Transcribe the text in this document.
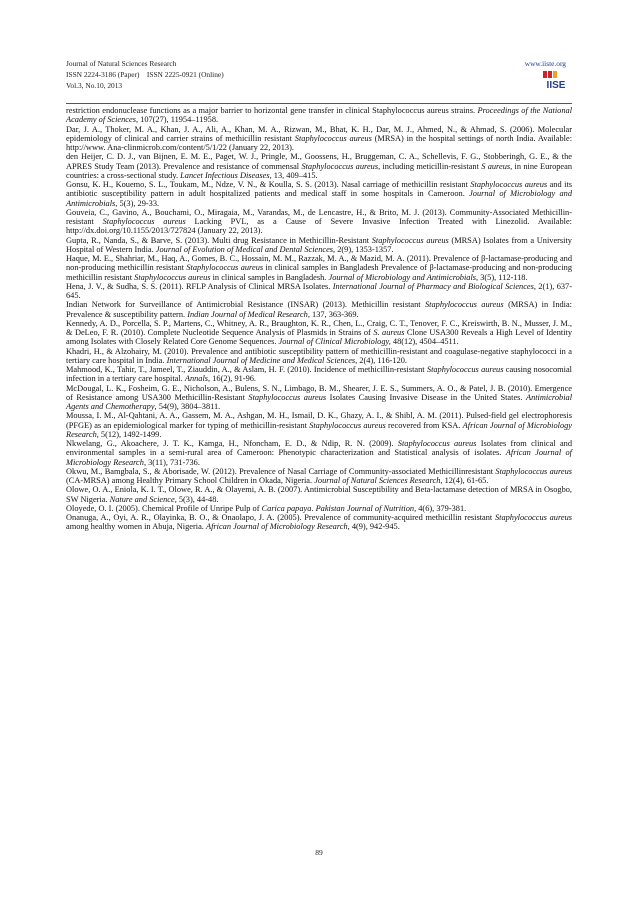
Journal of Natural Sciences Research
ISSN 2224-3186 (Paper)    ISSN 2225-0921 (Online)
Vol.3, No.10, 2013
www.iiste.org
IISE

restriction endonuclease functions as a major barrier to horizontal gene transfer in clinical Staphylococcus aureus strains. Proceedings of the National Academy of Sciences, 107(27), 11954–11958.

Dar, J. A., Thoker, M. A., Khan, J. A., Ali, A., Khan, M. A., Rizwan, M., Bhat, K. H., Dar, M. J., Ahmed, N., & Ahmad, S. (2006). Molecular epidemiology of clinical and carrier strains of methicillin resistant Staphylococcus aureus (MRSA) in the hospital settings of north India. Available: http://www. Ana-clinmicrob.com/content/5/1/22 (January 22, 2013).

den Heijer, C. D. J., van Bijnen, E. M. E., Paget, W. J., Pringle, M., Goossens, H., Bruggeman, C. A., Schellevis, F. G., Stobberingh, G. E., & the APRES Study Team (2013). Prevalence and resistance of commensal Staphylococcus aureus, including meticillin-resistant S aureus, in nine European countries: a cross-sectional study. Lancet Infectious Diseases, 13, 409–415.

Gonsu, K. H., Kouemo, S. L., Toukam, M., Ndze, V. N., & Koulla, S. S. (2013). Nasal carriage of methicillin resistant Staphylococcus aureus and its antibiotic susceptibility pattern in adult hospitalized patients and medical staff in some hospitals in Cameroon. Journal of Microbiology and Antimicrobials, 5(3), 29-33.

Gouveia, C., Gavino, A., Bouchami, O., Miragaia, M., Varandas, M., de Lencastre, H., & Brito, M. J. (2013). Community-Associated Methicillin-resistant Staphylococcus aureus Lacking PVL, as a Cause of Severe Invasive Infection Treated with Linezolid. Available: http://dx.doi.org/10.1155/2013/727824 (January 22, 2013).

Gupta, R., Nanda, S., & Barve, S. (2013). Multi drug Resistance in Methicillin-Resistant Staphylococcus aureus (MRSA) Isolates from a University Hospital of Western India. Journal of Evolution of Medical and Dental Sciences, 2(9), 1353-1357.

Haque, M. E., Shahriar, M., Haq, A., Gomes, B. C., Hossain, M. M., Razzak, M. A., & Mazid, M. A. (2011). Prevalence of β-lactamase-producing and non-producing methicillin resistant Staphylococcus aureus in clinical samples in Bangladesh Prevalence of β-lactamase-producing and non-producing methicillin resistant Staphylococcus aureus in clinical samples in Bangladesh. Journal of Microbiology and Antimicrobials, 3(5), 112-118.

Hena, J. V., & Sudha, S. S. (2011). RFLP Analysis of Clinical MRSA Isolates. International Journal of Pharmacy and Biological Sciences, 2(1), 637-645.

Indian Network for Surveillance of Antimicrobial Resistance (INSAR) (2013). Methicillin resistant Staphylococcus aureus (MRSA) in India: Prevalence & susceptibility pattern. Indian Journal of Medical Research, 137, 363-369.

Kennedy, A. D., Porcella, S. P., Martens, C., Whitney, A. R., Braughton, K. R., Chen, L., Craig, C. T., Tenover, F. C., Kreiswirth, B. N., Musser, J. M., & DeLeo, F. R. (2010). Complete Nucleotide Sequence Analysis of Plasmids in Strains of S. aureus Clone USA300 Reveals a High Level of Identity among Isolates with Closely Related Core Genome Sequences. Journal of Clinical Microbiology, 48(12), 4504–4511.

Khadri, H., & Alzohairy, M. (2010). Prevalence and antibiotic susceptibility pattern of methicillin-resistant and coagulase-negative staphylococci in a tertiary care hospital in India. International Journal of Medicine and Medical Sciences, 2(4), 116-120.

Mahmood, K., Tahir, T., Jameel, T., Ziauddin, A., & Aslam, H. F. (2010). Incidence of methicillin-resistant Staphylococcus aureus causing nosocomial infection in a tertiary care hospital. Annals, 16(2), 91-96.

McDougal, L. K., Fosheim, G. E., Nicholson, A., Bulens, S. N., Limbago, B. M., Shearer, J. E. S., Summers, A. O., & Patel, J. B. (2010). Emergence of Resistance among USA300 Methicillin-Resistant Staphylococcus aureus Isolates Causing Invasive Disease in the United States. Antimicrobial Agents and Chemotherapy, 54(9), 3804–3811.

Moussa, I. M., Al-Qahtani, A. A., Gassem, M. A., Ashgan, M. H., Ismail, D. K., Ghazy, A. I., & Shibl, A. M. (2011). Pulsed-field gel electrophoresis (PFGE) as an epidemiological marker for typing of methicillin-resistant Staphylococcus aureus recovered from KSA. African Journal of Microbiology Research, 5(12), 1492-1499.

Nkwelang, G., Akoachere, J. T. K., Kamga, H., Nfoncham, E. D., & Ndip, R. N. (2009). Staphylococcus aureus Isolates from clinical and environmental samples in a semi-rural area of Cameroon: Phenotypic characterization and Statistical analysis of isolates. African Journal of Microbiology Research, 3(11), 731-736.

Okwu, M., Bamgbala, S., & Aborisade, W. (2012). Prevalence of Nasal Carriage of Community-associated Methicillinresistant Staphylococcus aureus (CA-MRSA) among Healthy Primary School Children in Okada, Nigeria. Journal of Natural Sciences Research, 12(4), 61-65.

Olowe, O. A., Eniola, K. I. T., Olowe, R. A., & Olayemi, A. B. (2007). Antimicrobial Susceptibility and Beta-lactamase detection of MRSA in Osogbo, SW Nigeria. Nature and Science, 5(3), 44-48.

Oloyede, O. I. (2005). Chemical Profile of Unripe Pulp of Carica papaya. Pakistan Journal of Nutrition, 4(6), 379-381.

Onanuga, A., Oyi, A. R., Olayinka, B. O., & Onaolapo, J. A. (2005). Prevalence of community-acquired methicillin resistant Staphylococcus aureus among healthy women in Abuja, Nigeria. African Journal of Microbiology Research, 4(9), 942-945.

89
